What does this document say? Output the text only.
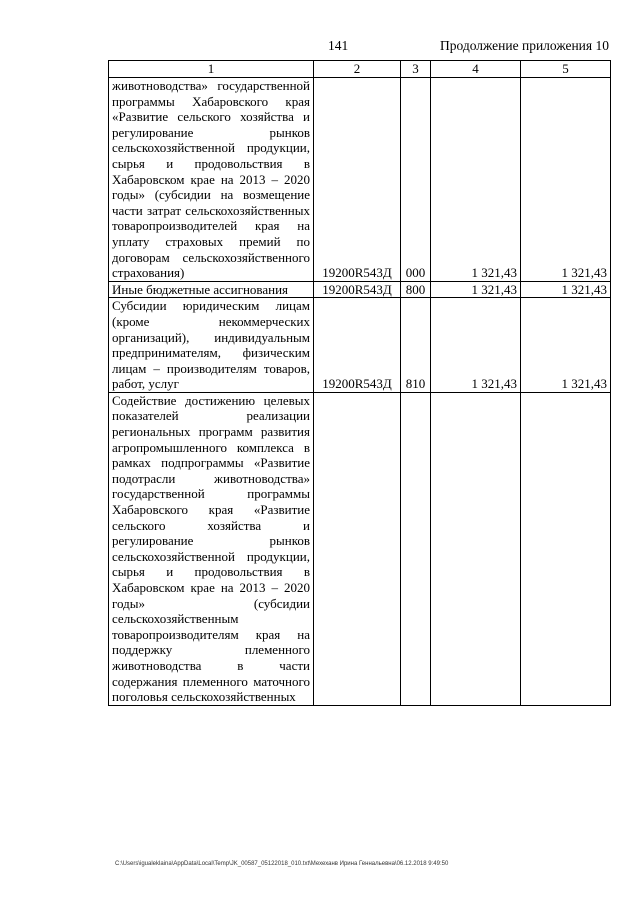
141	Продолжение приложения 10
1	2	3	4	5
животноводства» государственной программы Хабаровского края «Развитие сельского хозяйства и регулирование рынков сельскохозяйственной продукции, сырья и продовольствия в Хабаровском крае на 2013 – 2020 годы» (субсидии на возмещение части затрат сельскохозяйственных товаропроизводителей края на уплату страховых премий по договорам сельскохозяйственного страхования)	19200R543Д	000	1 321,43	1 321,43
Иные бюджетные ассигнования	19200R543Д	800	1 321,43	1 321,43
Субсидии юридическим лицам (кроме некоммерческих организаций), индивидуальным предпринимателям, физическим лицам – производителям товаров, работ, услуг	19200R543Д	810	1 321,43	1 321,43
Содействие достижению целевых показателей реализации региональных программ развития агропромышленного комплекса в рамках подпрограммы «Развитие подотрасли животноводства» государственной программы Хабаровского края «Развитие сельского хозяйства и регулирование рынков сельскохозяйственной продукции, сырья и продовольствия в Хабаровском крае на 2013 – 2020 годы» (субсидии сельскохозяйственным товаропроизводителям края на поддержку племенного животноводства в части содержания племенного маточного поголовья сельскохозяйственных				
C:\Users\igualeklaina\AppData\Local\Temp\JK_00587_05122018_010.txt\Мехеханв Ирина Геннальевна\06.12.2018 9:49:50
